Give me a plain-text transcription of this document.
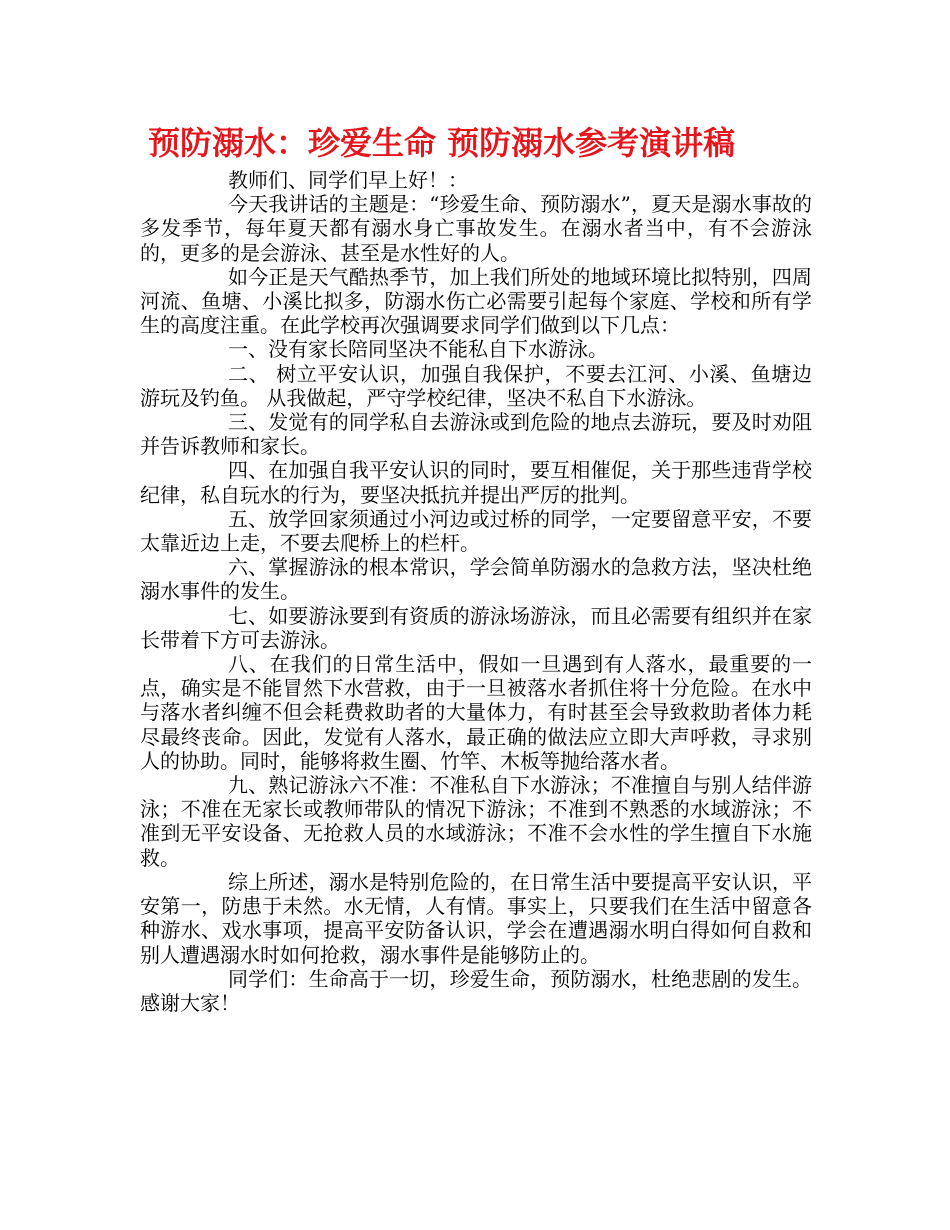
预防溺水：珍爱生命 预防溺水参考演讲稿

教师们、同学们早上好！：

今天我讲话的主题是：“珍爱生命、预防溺水”，夏天是溺水事故的多发季节，每年夏天都有溺水身亡事故发生。在溺水者当中，有不会游泳的，更多的是会游泳、甚至是水性好的人。

如今正是天气酷热季节，加上我们所处的地域环境比拟特别，四周河流、鱼塘、小溪比拟多，防溺水伤亡必需要引起每个家庭、学校和所有学生的高度注重。在此学校再次强调要求同学们做到以下几点：

一、没有家长陪同坚决不能私自下水游泳。

二、 树立平安认识，加强自我保护，不要去江河、小溪、鱼塘边游玩及钓鱼。 从我做起，严守学校纪律，坚决不私自下水游泳。

三、发觉有的同学私自去游泳或到危险的地点去游玩，要及时劝阻并告诉教师和家长。

四、在加强自我平安认识的同时，要互相催促，关于那些违背学校纪律，私自玩水的行为，要坚决抵抗并提出严厉的批判。

五、放学回家须通过小河边或过桥的同学，一定要留意平安，不要太靠近边上走，不要去爬桥上的栏杆。

六、掌握游泳的根本常识，学会简单防溺水的急救方法，坚决杜绝溺水事件的发生。

七、如要游泳要到有资质的游泳场游泳，而且必需要有组织并在家长带着下方可去游泳。

八、在我们的日常生活中，假如一旦遇到有人落水，最重要的一点，确实是不能冒然下水营救，由于一旦被落水者抓住将十分危险。在水中与落水者纠缠不但会耗费救助者的大量体力，有时甚至会导致救助者体力耗尽最终丧命。因此，发觉有人落水，最正确的做法应立即大声呼救，寻求别人的协助。同时，能够将救生圈、竹竿、木板等抛给落水者。

九、熟记游泳六不准：不准私自下水游泳；不准擅自与别人结伴游泳；不准在无家长或教师带队的情况下游泳；不准到不熟悉的水域游泳；不准到无平安设备、无抢救人员的水域游泳；不准不会水性的学生擅自下水施救。

综上所述，溺水是特别危险的，在日常生活中要提高平安认识，平安第一，防患于未然。水无情，人有情。事实上，只要我们在生活中留意各种游水、戏水事项，提高平安防备认识，学会在遭遇溺水明白得如何自救和别人遭遇溺水时如何抢救，溺水事件是能够防止的。

同学们：生命高于一切，珍爱生命，预防溺水，杜绝悲剧的发生。 感谢大家！
